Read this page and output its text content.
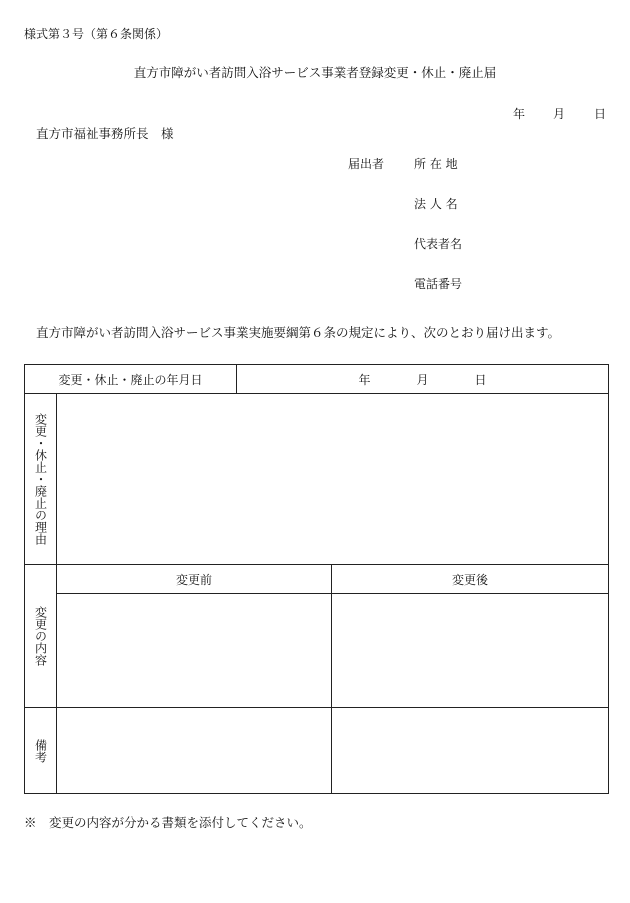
様式第３号（第６条関係）
直方市障がい者訪問入浴サービス事業者登録変更・休止・廃止届
年 月 日
直方市福祉事務所長　様
届出者 所 在 地
法 人 名
代表者名
電話番号
直方市障がい者訪問入浴サービス事業実施要綱第６条の規定により、次のとおり届け出ます。
変更・休止・廃止の年月日		年 月 日	

変更・休止・廃止の理由			

変更の内容	変更前		変更後

備考			

※　変更の内容が分かる書類を添付してください。
